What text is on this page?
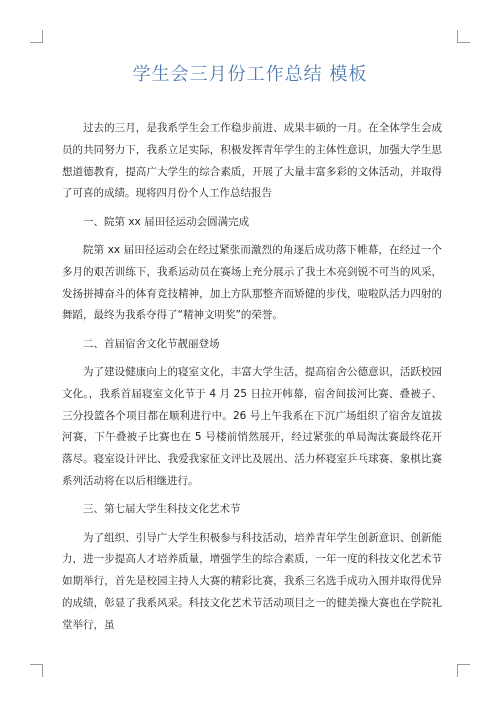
学生会三月份工作总结 模板

过去的三月，是我系学生会工作稳步前进、成果丰硕的一月。在全体学生会成员的共同努力下，我系立足实际，积极发挥青年学生的主体性意识，加强大学生思想道德教育，提高广大学生的综合素质，开展了大量丰富多彩的文体活动，并取得了可喜的成绩。现将四月份个人工作总结报告

一、院第 xx 届田径运动会圆满完成

院第 xx 届田径运动会在经过紧张而激烈的角逐后成功落下帷幕，在经过一个多月的艰苦训练下，我系运动员在赛场上充分展示了我土木亮剑锐不可当的风采，发扬拼搏奋斗的体育竞技精神，加上方队那整齐而矫健的步伐，啦啦队活力四射的舞蹈，最终为我系夺得了“精神文明奖”的荣誉。

二、首届宿舍文化节靓丽登场

为了建设健康向上的寝室文化，丰富大学生活，提高宿舍公德意识，活跃校园文化。，我系首届寝室文化节于 4 月 25 日拉开帏幕，宿舍间拔河比赛、叠被子、三分投篮各个项目都在顺利进行中。26 号上午我系在下沉广场组织了宿舍友谊拔河赛，下午叠被子比赛也在 5 号楼前悄然展开，经过紧张的单局淘汰赛最终花开落尽。寝室设计评比、我爱我家征文评比及展出、活力杯寝室乒乓球赛、象棋比赛系列活动将在以后相继进行。

三、第七届大学生科技文化艺术节

为了组织、引导广大学生积极参与科技活动，培养青年学生创新意识、创新能力，进一步提高人才培养质量，增强学生的综合素质，一年一度的科技文化艺术节如期举行，首先是校园主持人大赛的精彩比赛，我系三名选手成功入围并取得优异的成绩，彰显了我系风采。科技文化艺术节活动项目之一的健美操大赛也在学院礼堂举行，虽
